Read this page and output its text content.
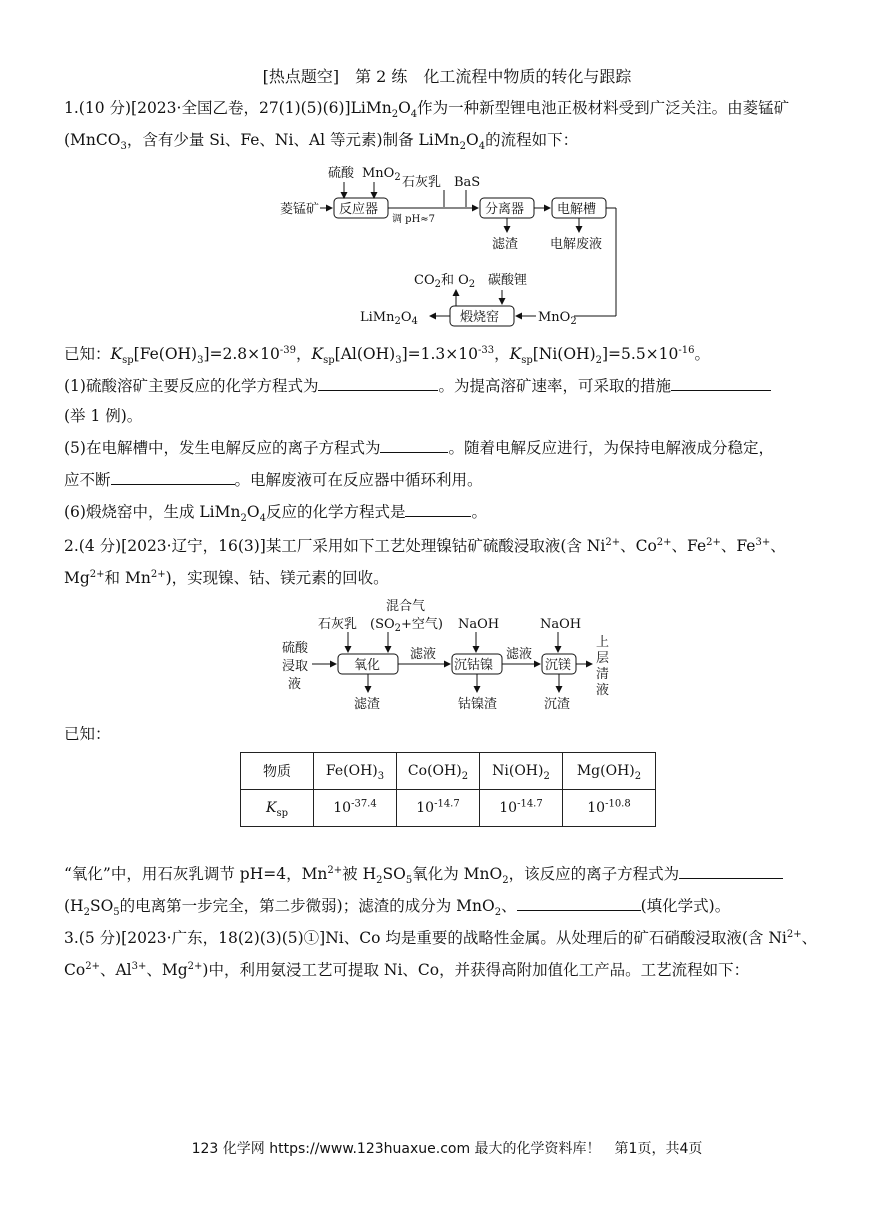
[热点题空]　第 2 练　化工流程中物质的转化与跟踪
1.(10 分)[2023·全国乙卷，$27(1)(5)(6)]LiMn_2O_4$作为一种新型锂电池正极材料受到广泛关注。由菱锰矿
(MnCO$_3$，含有少量 Si、Fe、Ni、Al 等元素)制备 $LiMn_2O_4$的流程如下：
硫酸 MnO$_2$
菱锰矿 反应器
调 pH≈7
石灰乳 BaS
分离器	电解槽
滤渣 电解废液
MnO$_2$
煅烧窑
$CO_2$和 $O_2$ 碳酸锂
$LiMn_2O_4$
已知：$K_{sp}[Fe(OH)_3]=2.8\times 10^{-39}$，$K_{sp}[Al(OH)_3]=1.3\times 10^{-33}$，$K_{sp}[Ni(OH)_2]=5.5\times 10^{-16}$。
(1)硫酸溶矿主要反应的化学方程式为	。为提高溶矿速率，可采取的措施
(举 1 例)。
(5)在电解槽中，发生电解反应的离子方程式为	。随着电解反应进行，为保持电解液成分稳定，
应不断	。电解废液可在反应器中循环利用。
(6)煅烧窑中，生成 $LiMn_2O_4$反应的化学方程式是	。
2.(4 分)[2023·辽宁，16(3)]某工厂采用如下工艺处理镍钴矿硫酸浸取液(含 $Ni^{2+}$、$Co^{2+}$、$Fe^{2+}$、$Fe^{3+}$、
$Mg^{2+}$和 $Mn^{2+}$)，实现镍、钴、镁元素的回收。
硫酸
浸取
液
石灰乳
混合气
($SO_2+$空气)
氧化
滤液
NaOH
沉钴镍
滤液
NaOH
沉镁
上
层
清
液
滤渣	钴镍渣	沉渣
已知：
物质	$Fe(OH)_3$	$Co(OH)_2$	$Ni(OH)_2$	$Mg(OH)_2$
$K_{sp}$	$10^{-37.4}$	$10^{-14.7}$	$10^{-14.7}$	$10^{-10.8}$
“氧化”中，用石灰乳调节 pH=4，$Mn^{2+}$被 $H_2SO_5$氧化为 MnO$_2$，该反应的离子方程式为
($H_2SO_5$的电离第一步完全，第二步微弱)；滤渣的成分为 MnO$_2$、	(填化学式)。
3.(5 分)[2023·广东，18(2)(3)(5)①]Ni、Co 均是重要的战略性金属。从处理后的矿石硝酸浸取液(含 $Ni^{2+}$、
$Co^{2+}$、$Al^{3+}$、$Mg^{2+}$)中，利用氨浸工艺可提取 Ni、Co，并获得高附加值化工产品。工艺流程如下：
123 化学网 https://www.123huaxue.com 最大的化学资料库！　第1页，共4页
